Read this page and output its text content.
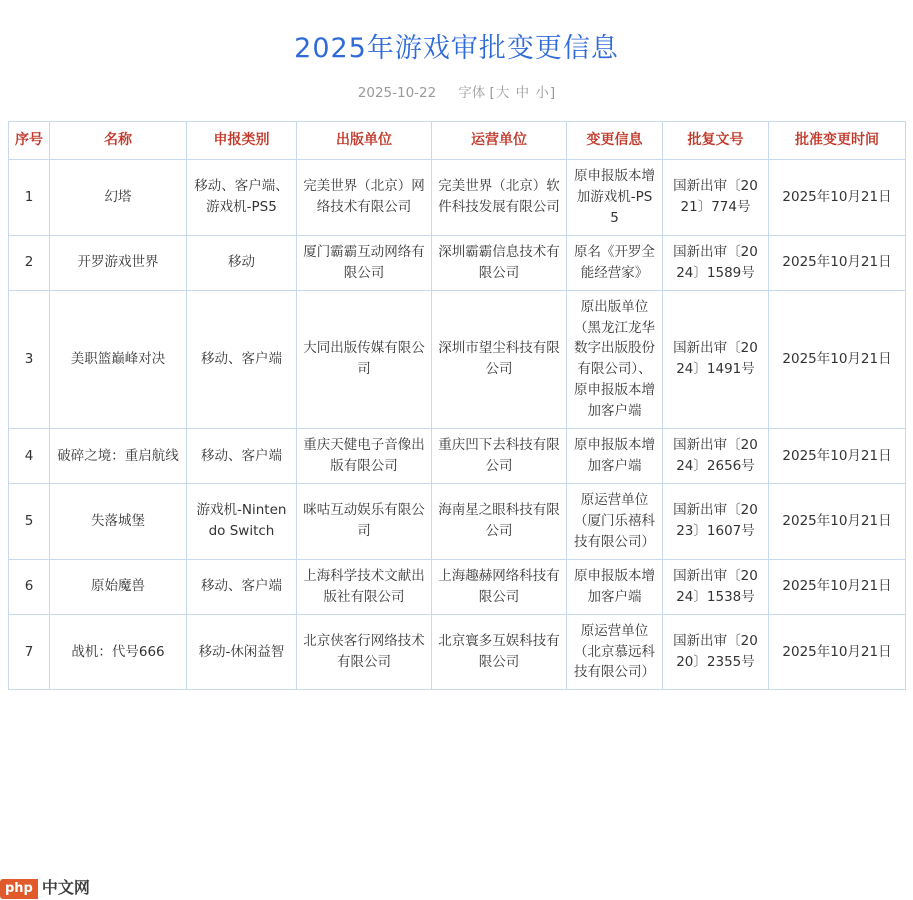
2025年游戏审批变更信息
2025-10-22 字体 [大 中 小]
序号	名称	申报类别	出版单位	运营单位	变更信息	批复文号	批准变更时间
1	幻塔	移动、客户端、游戏机-PS5	完美世界（北京）网络技术有限公司	完美世界（北京）软件科技发展有限公司	原申报版本增加游戏机-PS5	国新出审〔2021〕774号	2025年10月21日
2	开罗游戏世界	移动	厦门霸霸互动网络有限公司	深圳霸霸信息技术有限公司	原名《开罗全能经营家》	国新出审〔2024〕1589号	2025年10月21日
3	美职篮巅峰对决	移动、客户端	大同出版传媒有限公司	深圳市望尘科技有限公司	原出版单位（黑龙江龙华数字出版股份有限公司）、原申报版本增加客户端	国新出审〔2024〕1491号	2025年10月21日
4	破碎之境：重启航线	移动、客户端	重庆天健电子音像出版有限公司	重庆凹下去科技有限公司	原申报版本增加客户端	国新出审〔2024〕2656号	2025年10月21日
5	失落城堡	游戏机-Nintendo Switch	咪咕互动娱乐有限公司	海南星之眼科技有限公司	原运营单位（厦门乐禧科技有限公司）	国新出审〔2023〕1607号	2025年10月21日
6	原始魔兽	移动、客户端	上海科学技术文献出版社有限公司	上海趣赫网络科技有限公司	原申报版本增加客户端	国新出审〔2024〕1538号	2025年10月21日
7	战机：代号666	移动-休闲益智	北京侠客行网络技术有限公司	北京寰多互娱科技有限公司	原运营单位（北京慕远科技有限公司）	国新出审〔2020〕2355号	2025年10月21日
php 中文网
